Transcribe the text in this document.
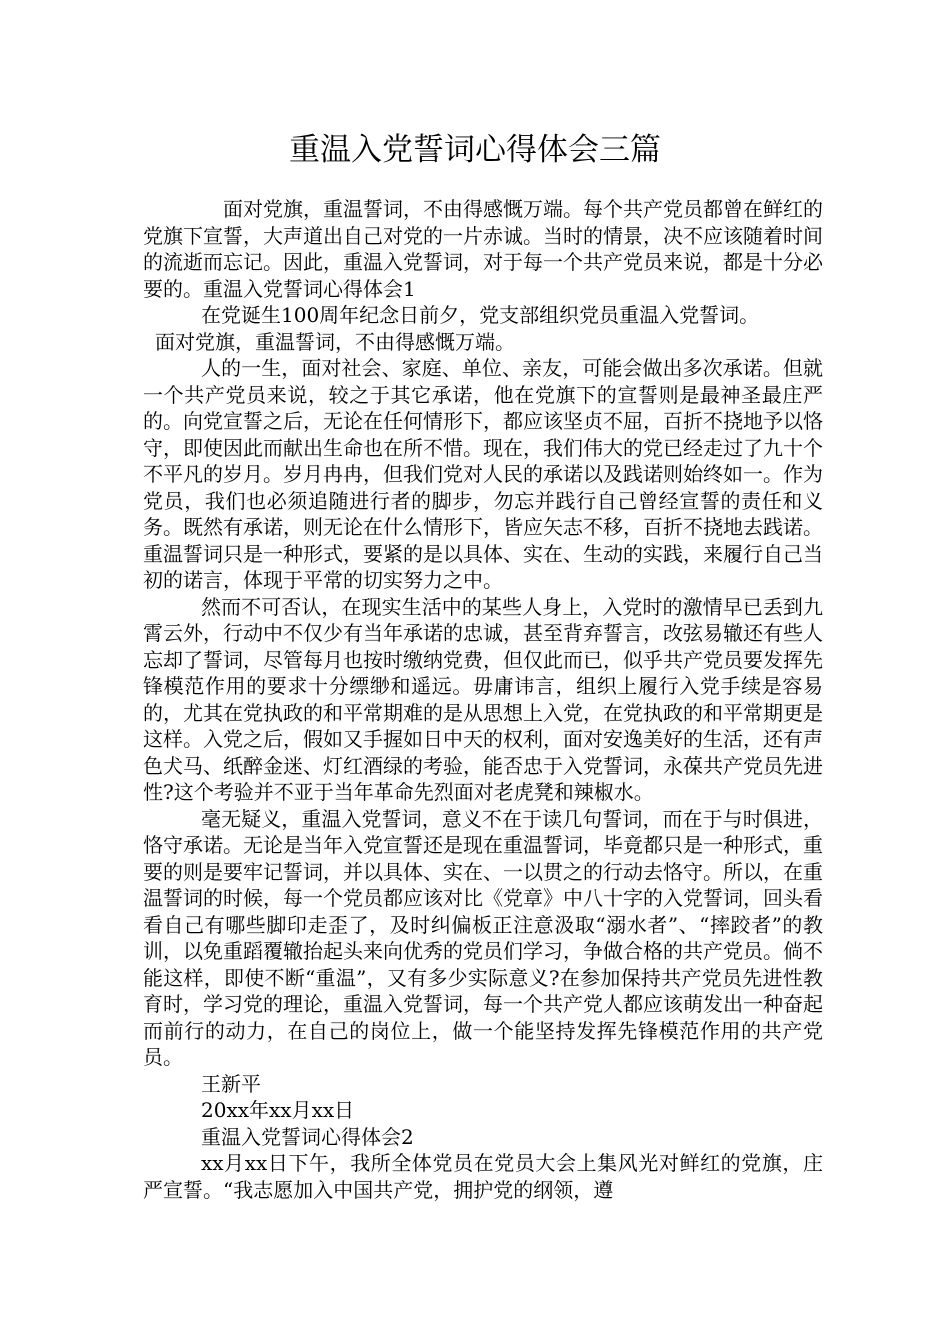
重温入党誓词心得体会三篇

面对党旗，重温誓词，不由得感慨万端。每个共产党员都曾在鲜红的党旗下宣誓，大声道出自己对党的一片赤诚。当时的情景，决不应该随着时间的流逝而忘记。因此，重温入党誓词，对于每一个共产党员来说，都是十分必要的。重温入党誓词心得体会1

在党诞生100周年纪念日前夕，党支部组织党员重温入党誓词。

面对党旗，重温誓词，不由得感慨万端。

人的一生，面对社会、家庭、单位、亲友，可能会做出多次承诺。但就一个共产党员来说，较之于其它承诺，他在党旗下的宣誓则是最神圣最庄严的。向党宣誓之后，无论在任何情形下，都应该坚贞不屈，百折不挠地予以恪守，即使因此而献出生命也在所不惜。现在，我们伟大的党已经走过了九十个不平凡的岁月。岁月冉冉，但我们党对人民的承诺以及践诺则始终如一。作为党员，我们也必须追随进行者的脚步，勿忘并践行自己曾经宣誓的责任和义务。既然有承诺，则无论在什么情形下，皆应矢志不移，百折不挠地去践诺。重温誓词只是一种形式，要紧的是以具体、实在、生动的实践，来履行自己当初的诺言，体现于平常的切实努力之中。

然而不可否认，在现实生活中的某些人身上，入党时的激情早已丢到九霄云外，行动中不仅少有当年承诺的忠诚，甚至背弃誓言，改弦易辙还有些人忘却了誓词，尽管每月也按时缴纳党费，但仅此而已，似乎共产党员要发挥先锋模范作用的要求十分缥缈和遥远。毋庸讳言，组织上履行入党手续是容易的，尤其在党执政的和平常期难的是从思想上入党，在党执政的和平常期更是这样。入党之后，假如又手握如日中天的权利，面对安逸美好的生活，还有声色犬马、纸醉金迷、灯红酒绿的考验，能否忠于入党誓词，永葆共产党员先进性?这个考验并不亚于当年革命先烈面对老虎凳和辣椒水。

毫无疑义，重温入党誓词，意义不在于读几句誓词，而在于与时俱进，恪守承诺。无论是当年入党宣誓还是现在重温誓词，毕竟都只是一种形式，重要的则是要牢记誓词，并以具体、实在、一以贯之的行动去恪守。所以，在重温誓词的时候，每一个党员都应该对比《党章》中八十字的入党誓词，回头看看自己有哪些脚印走歪了，及时纠偏板正注意汲取“溺水者”、“摔跤者”的教训，以免重蹈覆辙抬起头来向优秀的党员们学习，争做合格的共产党员。倘不能这样，即使不断“重温”，又有多少实际意义?在参加保持共产党员先进性教育时，学习党的理论，重温入党誓词，每一个共产党人都应该萌发出一种奋起而前行的动力，在自己的岗位上，做一个能坚持发挥先锋模范作用的共产党员。

王新平

20xx年xx月xx日

重温入党誓词心得体会2

xx月xx日下午，我所全体党员在党员大会上集风光对鲜红的党旗，庄严宣誓。“我志愿加入中国共产党，拥护党的纲领，遵
